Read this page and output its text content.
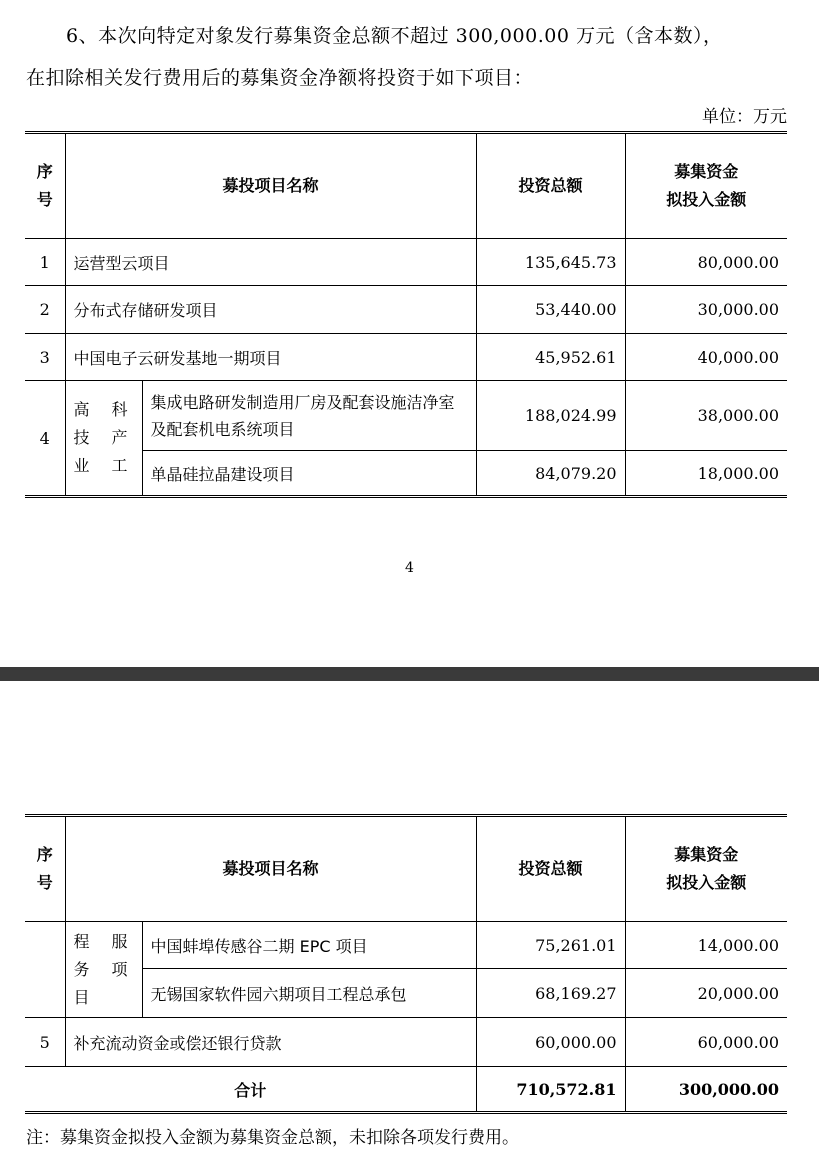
6、本次向特定对象发行募集资金总额不超过 300,000.00 万元（含本数），
在扣除相关发行费用后的募集资金净额将投资于如下项目：
单位：万元
序号	募投项目名称		投资总额	募集资金
拟投入金额

1	运营型云项目		135,645.73	80,000.00
2	分布式存储研发项目		53,440.00	30,000.00
3	中国电子云研发基地一期项目		45,952.61	40,000.00
4	高科技产业工	集成电路研发制造用厂房及配套设施洁净室及配套机电系统项目	188,024.99	38,000.00
		单晶硅拉晶建设项目	84,079.20	18,000.00
4
序号	募投项目名称		投资总额	募集资金
拟投入金额

	程服务项目	中国蚌埠传感谷二期 EPC 项目	75,261.01	14,000.00
		无锡国家软件园六期项目工程总承包	68,169.27	20,000.00
5	补充流动资金或偿还银行贷款		60,000.00	60,000.00
合计			710,572.81	300,000.00
注：募集资金拟投入金额为募集资金总额，未扣除各项发行费用。
